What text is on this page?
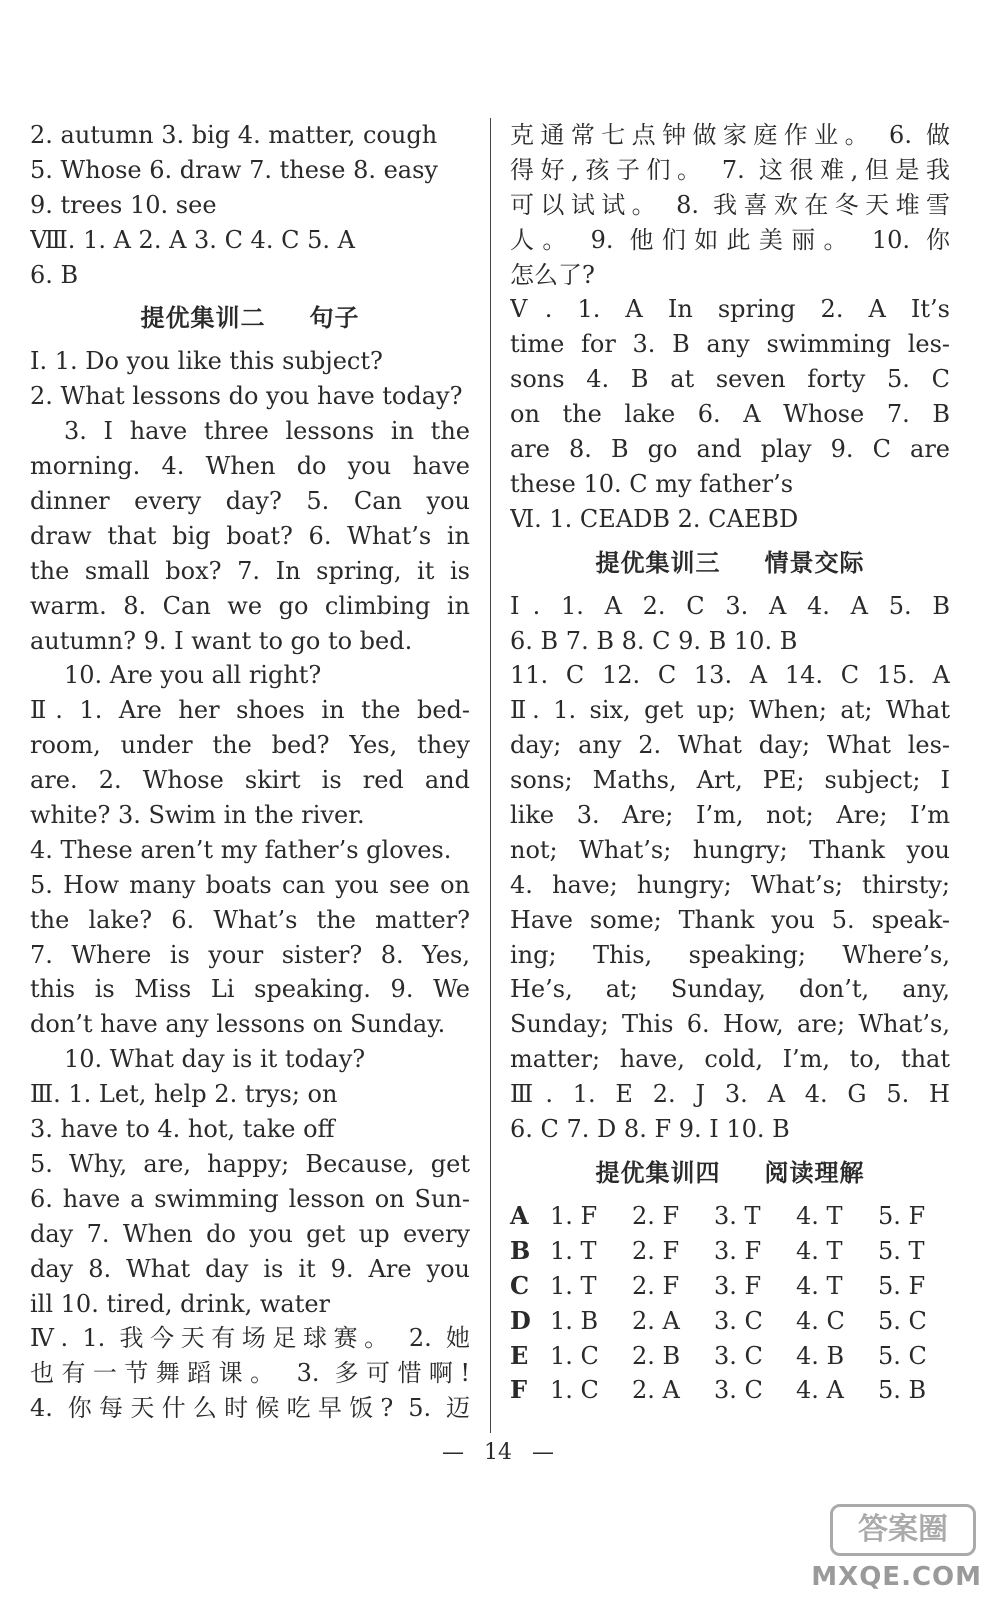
2. autumn 3. big 4. matter, cough
5. Whose 6. draw 7. these 8. easy
9. trees 10. see
Ⅷ. 1. A 2. A 3. C 4. C 5. A
6. B
提优集训二 句子
Ⅰ. 1. Do you like this subject?
2. What lessons do you have today?
3. I have three lessons in the
morning. 4. When do you have
dinner every day? 5. Can you
draw that big boat? 6. What’s in
the small box? 7. In spring, it is
warm. 8. Can we go climbing in
autumn? 9. I want to go to bed.
10. Are you all right?
Ⅱ. 1. Are her shoes in the bed-
room, under the bed? Yes, they
are. 2. Whose skirt is red and
white? 3. Swim in the river.
4. These aren’t my father’s gloves.
5. How many boats can you see on
the lake? 6. What’s the matter?
7. Where is your sister? 8. Yes,
this is Miss Li speaking. 9. We
don’t have any lessons on Sunday.
10. What day is it today?
Ⅲ. 1. Let, help 2. trys; on
3. have to 4. hot, take off
5. Why, are, happy; Because, get
6. have a swimming lesson on Sun-
day 7. When do you get up every
day 8. What day is it 9. Are you
ill 10. tired, drink, water
Ⅳ. 1. 我今天有场足球赛。 2. 她
也有一节舞蹈课。 3. 多可惜啊!
4. 你每天什么时候吃早饭? 5. 迈
克通常七点钟做家庭作业。 6. 做
得好,孩子们。 7. 这很难,但是我
可以试试。 8. 我喜欢在冬天堆雪
人。 9. 他们如此美丽。 10. 你
怎么了?
Ⅴ. 1. A In spring 2. A It’s
time for 3. B any swimming les-
sons 4. B at seven forty 5. C
on the lake 6. A Whose 7. B
are 8. B go and play 9. C are
these 10. C my father’s
Ⅵ. 1. CEADB 2. CAEBD
提优集训三 情景交际
Ⅰ. 1. A 2. C 3. A 4. A 5. B
6. B 7. B 8. C 9. B 10. B
11. C 12. C 13. A 14. C 15. A
Ⅱ. 1. six, get up; When; at; What
day; any 2. What day; What les-
sons; Maths, Art, PE; subject; I
like 3. Are; I’m, not; Are; I’m
not; What’s; hungry; Thank you
4. have; hungry; What’s; thirsty;
Have some; Thank you 5. speak-
ing; This, speaking; Where’s,
He’s, at; Sunday, don’t, any,
Sunday; This 6. How, are; What’s,
matter; have, cold, I’m, to, that
Ⅲ. 1. E 2. J 3. A 4. G 5. H
6. C 7. D 8. F 9. I 10. B
提优集训四 阅读理解
A 1. F 2. F 3. T 4. T 5. F
B 1. T 2. F 3. F 4. T 5. T
C 1. T 2. F 3. F 4. T 5. F
D 1. B 2. A 3. C 4. C 5. C
E 1. C 2. B 3. C 4. B 5. C
F 1. C 2. A 3. C 4. A 5. B
— 14 —
答案圈
MXQE.COM
